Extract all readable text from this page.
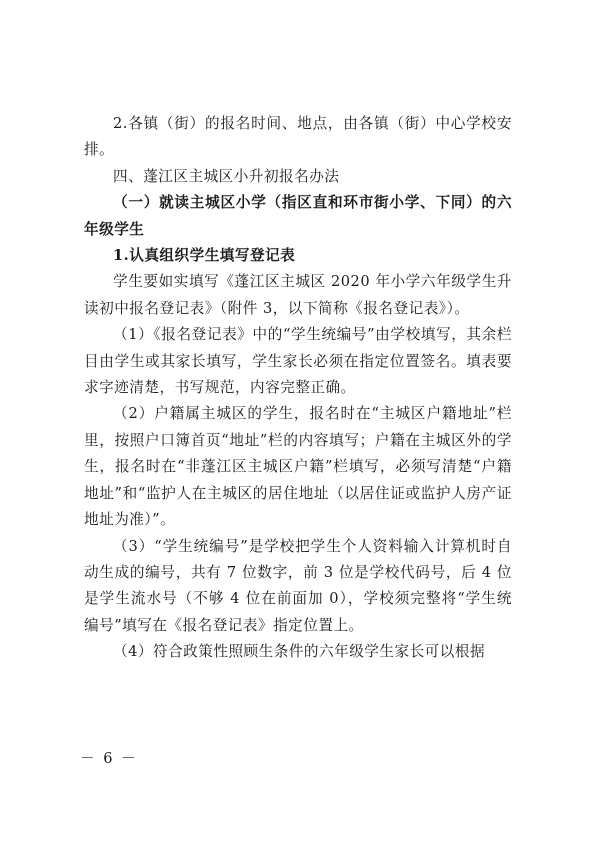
2.各镇（街）的报名时间、地点，由各镇（街）中心学校安排。

四、蓬江区主城区小升初报名办法

（一）就读主城区小学（指区直和环市街小学、下同）的六年级学生

1.认真组织学生填写登记表

学生要如实填写《蓬江区主城区 2020 年小学六年级学生升读初中报名登记表》（附件 3，以下简称《报名登记表》）。

（1）《报名登记表》中的“学生统编号”由学校填写，其余栏目由学生或其家长填写，学生家长必须在指定位置签名。填表要求字迹清楚，书写规范，内容完整正确。

（2）户籍属主城区的学生，报名时在“主城区户籍地址”栏里，按照户口簿首页“地址”栏的内容填写；户籍在主城区外的学生，报名时在“非蓬江区主城区户籍”栏填写，必须写清楚“户籍地址”和“监护人在主城区的居住地址（以居住证或监护人房产证地址为准）”。

（3）“学生统编号”是学校把学生个人资料输入计算机时自动生成的编号，共有 7 位数字，前 3 位是学校代码号，后 4 位是学生流水号（不够 4 位在前面加 0），学校须完整将“学生统编号”填写在《报名登记表》指定位置上。

（4）符合政策性照顾生条件的六年级学生家长可以根据

－ 6 －
